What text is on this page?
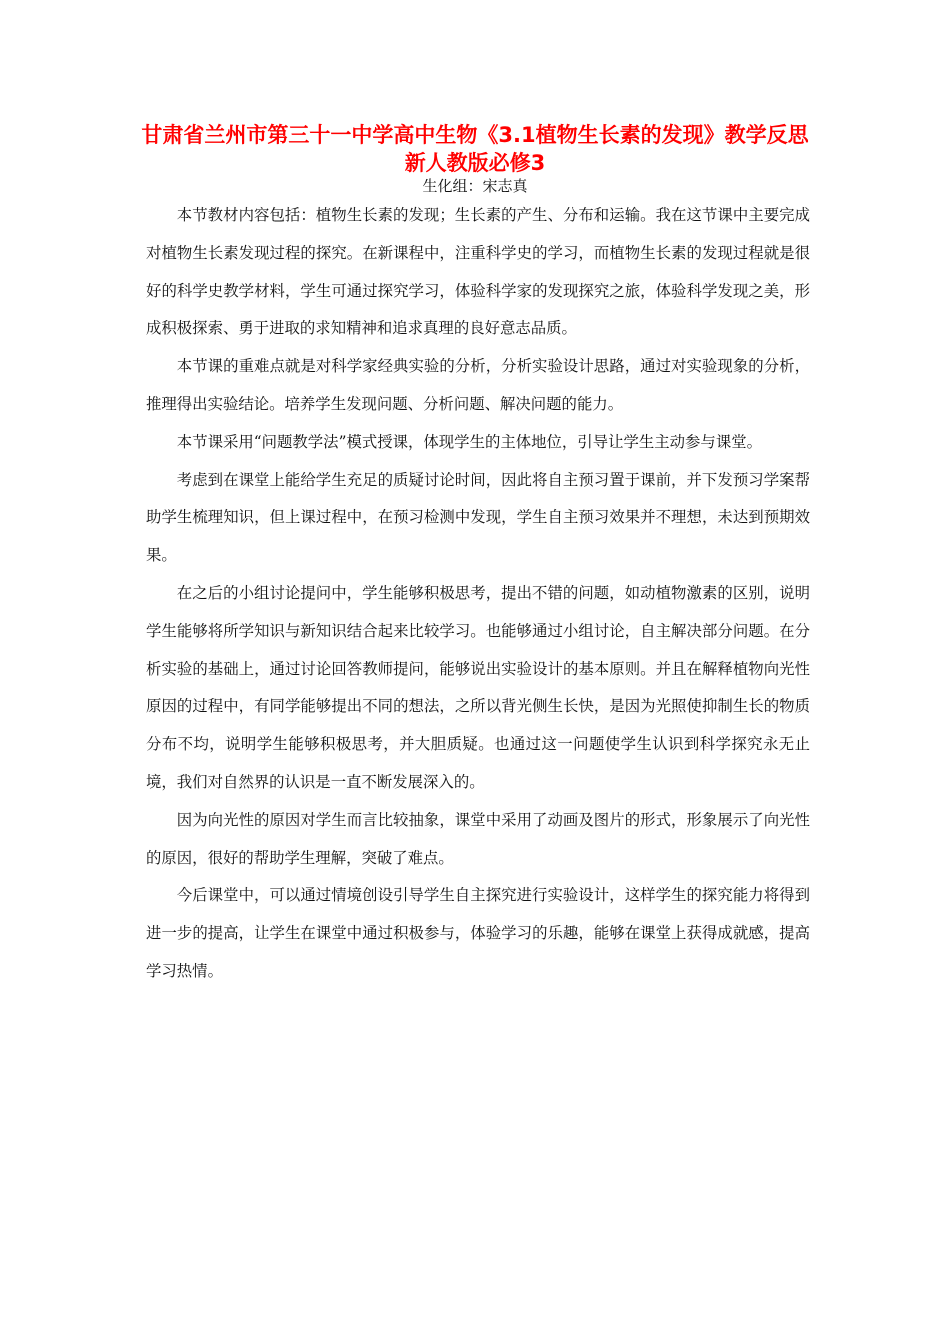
甘肃省兰州市第三十一中学高中生物《3.1植物生长素的发现》教学反思 新人教版必修3
生化组：宋志真

本节教材内容包括：植物生长素的发现；生长素的产生、分布和运输。我在这节课中主要完成对植物生长素发现过程的探究。在新课程中，注重科学史的学习，而植物生长素的发现过程就是很好的科学史教学材料，学生可通过探究学习，体验科学家的发现探究之旅，体验科学发现之美，形成积极探索、勇于进取的求知精神和追求真理的良好意志品质。

本节课的重难点就是对科学家经典实验的分析，分析实验设计思路，通过对实验现象的分析，推理得出实验结论。培养学生发现问题、分析问题、解决问题的能力。

本节课采用“问题教学法”模式授课，体现学生的主体地位，引导让学生主动参与课堂。

考虑到在课堂上能给学生充足的质疑讨论时间，因此将自主预习置于课前，并下发预习学案帮助学生梳理知识，但上课过程中，在预习检测中发现，学生自主预习效果并不理想，未达到预期效果。

在之后的小组讨论提问中，学生能够积极思考，提出不错的问题，如动植物激素的区别，说明学生能够将所学知识与新知识结合起来比较学习。也能够通过小组讨论，自主解决部分问题。在分析实验的基础上，通过讨论回答教师提问，能够说出实验设计的基本原则。并且在解释植物向光性原因的过程中，有同学能够提出不同的想法，之所以背光侧生长快，是因为光照使抑制生长的物质分布不均，说明学生能够积极思考，并大胆质疑。也通过这一问题使学生认识到科学探究永无止境，我们对自然界的认识是一直不断发展深入的。

因为向光性的原因对学生而言比较抽象，课堂中采用了动画及图片的形式，形象展示了向光性的原因，很好的帮助学生理解，突破了难点。

今后课堂中，可以通过情境创设引导学生自主探究进行实验设计，这样学生的探究能力将得到进一步的提高，让学生在课堂中通过积极参与，体验学习的乐趣，能够在课堂上获得成就感，提高学习热情。
